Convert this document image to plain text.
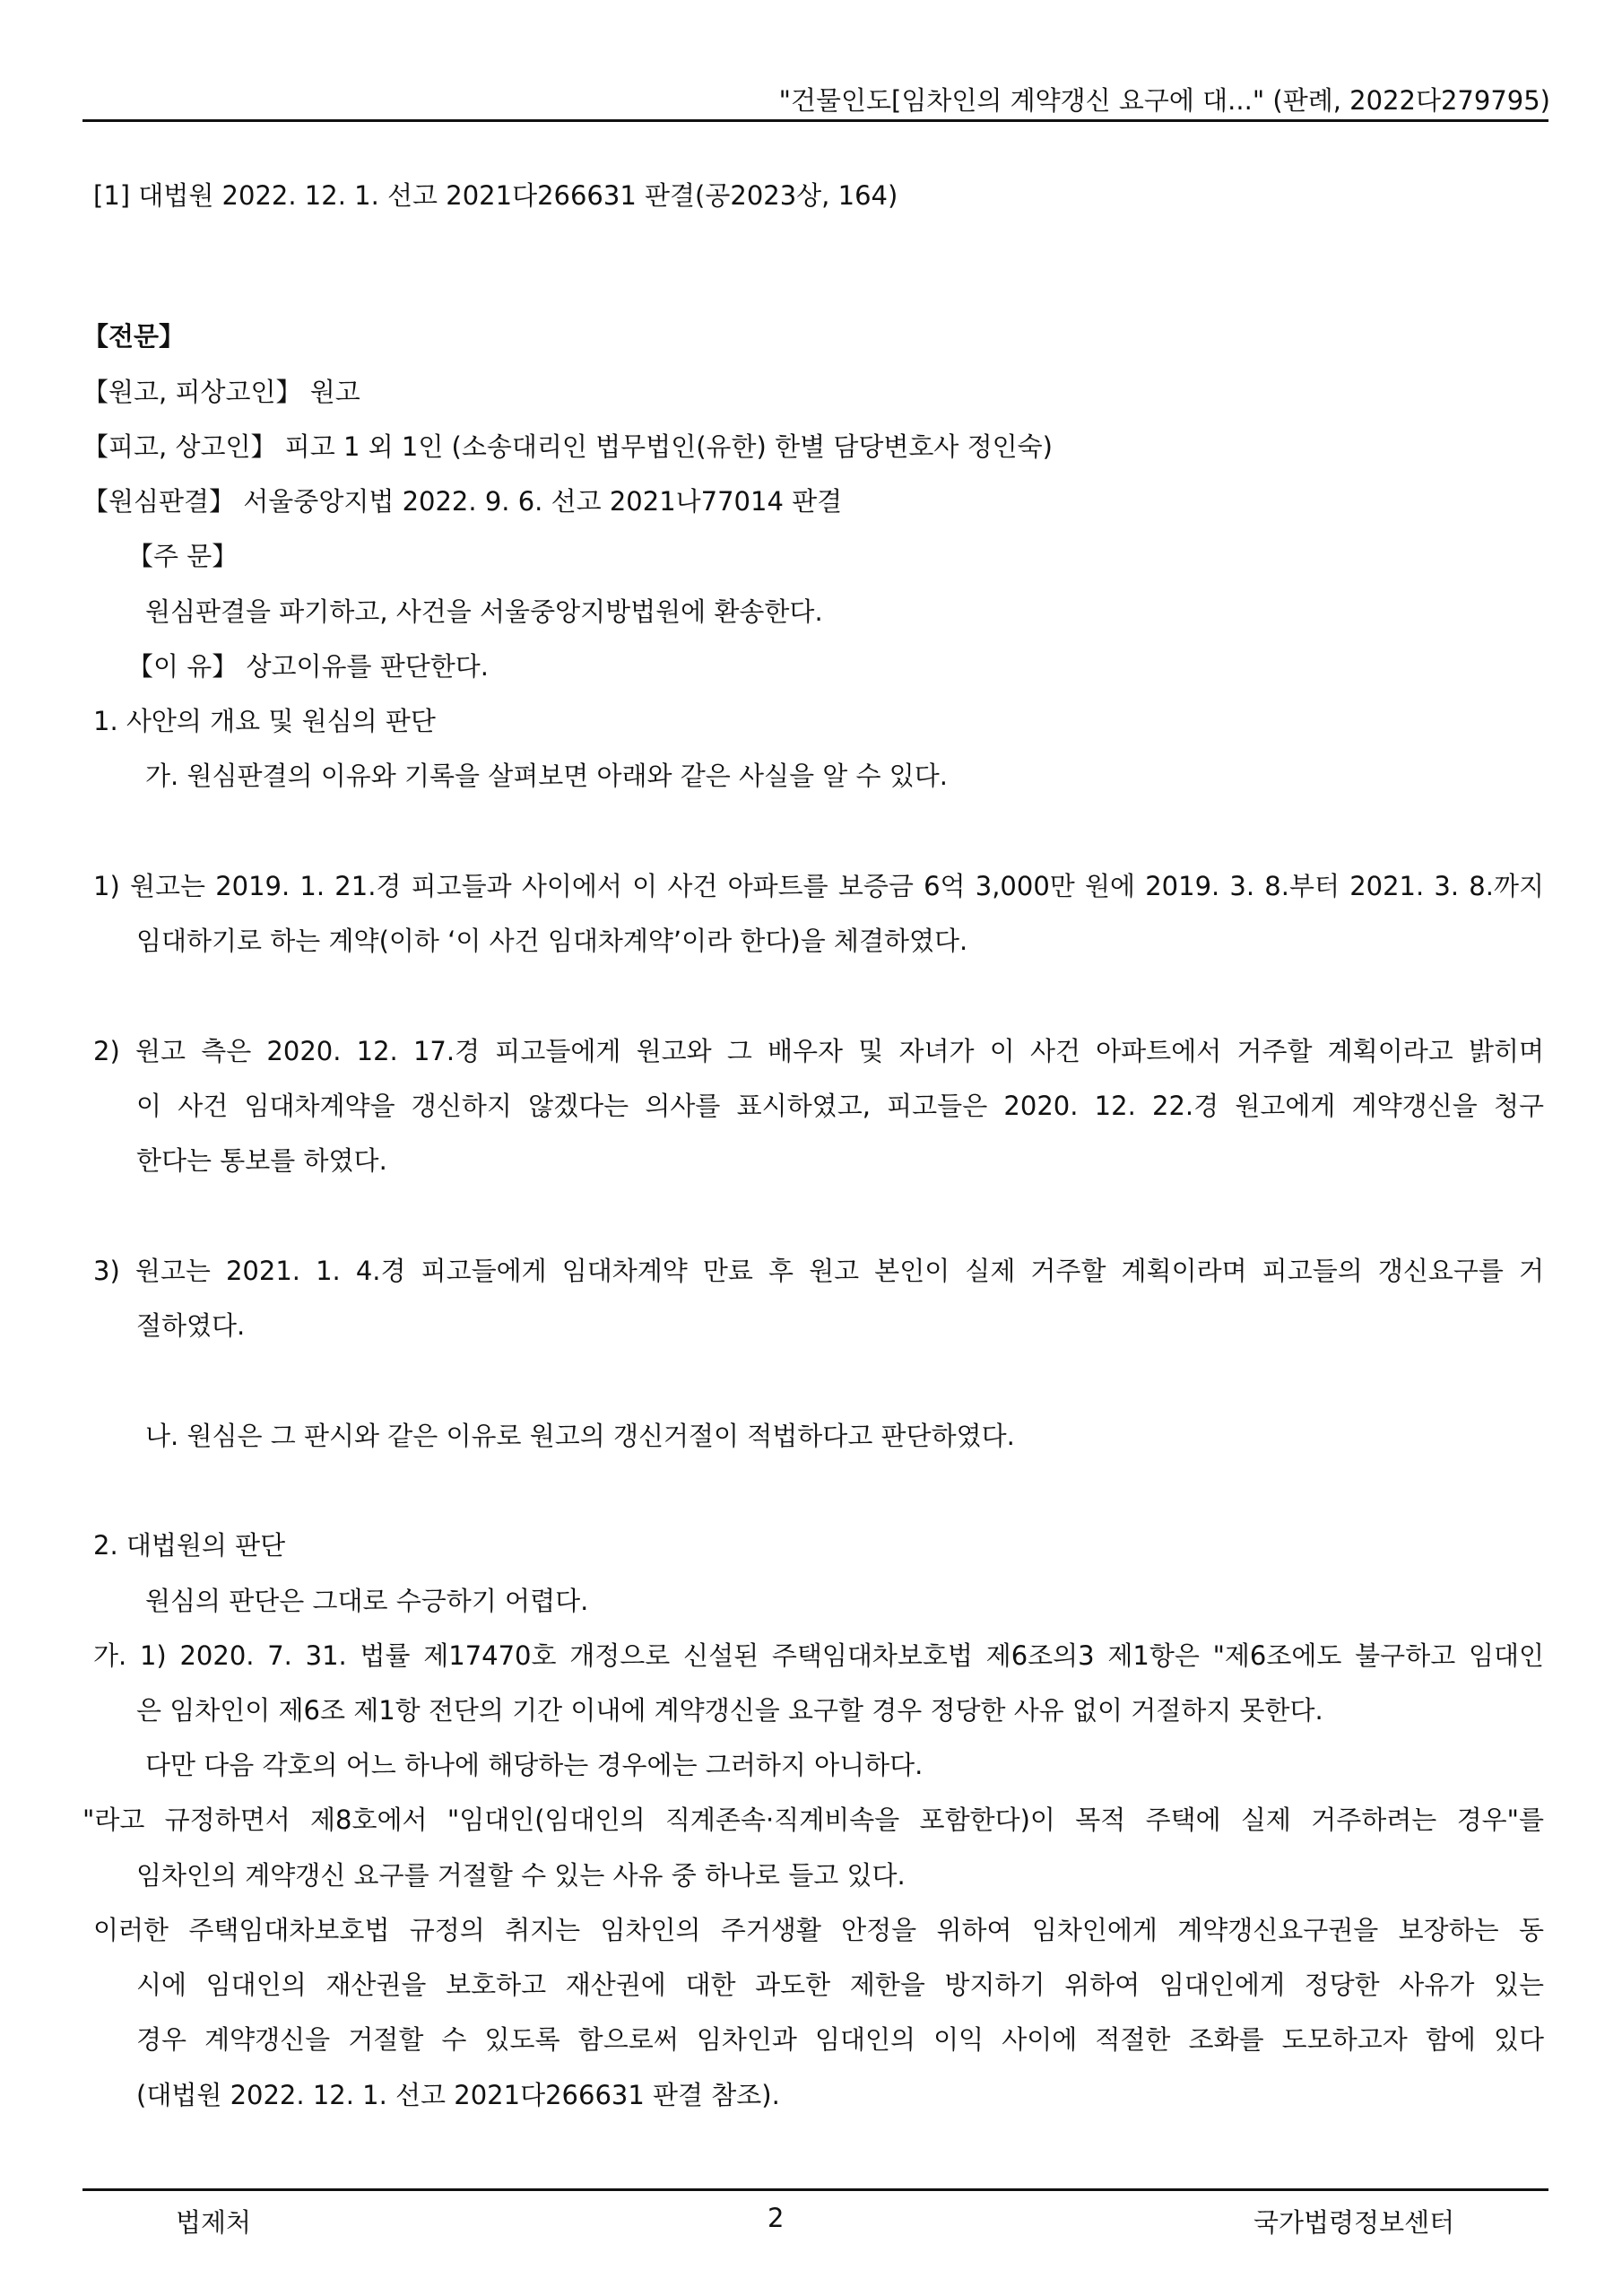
"건물인도[임차인의 계약갱신 요구에 대..." (판례, 2022다279795)
[1] 대법원 2022. 12. 1. 선고 2021다266631 판결(공2023상, 164)
【전문】
【원고, 피상고인】 원고
【피고, 상고인】 피고 1 외 1인 (소송대리인 법무법인(유한) 한별 담당변호사 정인숙)
【원심판결】 서울중앙지법 2022. 9. 6. 선고 2021나77014 판결
【주 문】
원심판결을 파기하고, 사건을 서울중앙지방법원에 환송한다.
【이 유】 상고이유를 판단한다.
1. 사안의 개요 및 원심의 판단
가. 원심판결의 이유와 기록을 살펴보면 아래와 같은 사실을 알 수 있다.
1) 원고는 2019. 1. 21.경 피고들과 사이에서 이 사건 아파트를 보증금 6억 3,000만 원에 2019. 3. 8.부터 2021. 3. 8.까지
임대하기로 하는 계약(이하 ‘이 사건 임대차계약’이라 한다)을 체결하였다.
2) 원고 측은 2020. 12. 17.경 피고들에게 원고와 그 배우자 및 자녀가 이 사건 아파트에서 거주할 계획이라고 밝히며
이 사건 임대차계약을 갱신하지 않겠다는 의사를 표시하였고, 피고들은 2020. 12. 22.경 원고에게 계약갱신을 청구
한다는 통보를 하였다.
3) 원고는 2021. 1. 4.경 피고들에게 임대차계약 만료 후 원고 본인이 실제 거주할 계획이라며 피고들의 갱신요구를 거
절하였다.
나. 원심은 그 판시와 같은 이유로 원고의 갱신거절이 적법하다고 판단하였다.
2. 대법원의 판단
원심의 판단은 그대로 수긍하기 어렵다.
가. 1) 2020. 7. 31. 법률 제17470호 개정으로 신설된 주택임대차보호법 제6조의3 제1항은 "제6조에도 불구하고 임대인
은 임차인이 제6조 제1항 전단의 기간 이내에 계약갱신을 요구할 경우 정당한 사유 없이 거절하지 못한다.
다만 다음 각호의 어느 하나에 해당하는 경우에는 그러하지 아니하다.
"라고 규정하면서 제8호에서 "임대인(임대인의 직계존속·직계비속을 포함한다)이 목적 주택에 실제 거주하려는 경우"를
임차인의 계약갱신 요구를 거절할 수 있는 사유 중 하나로 들고 있다.
이러한 주택임대차보호법 규정의 취지는 임차인의 주거생활 안정을 위하여 임차인에게 계약갱신요구권을 보장하는 동
시에 임대인의 재산권을 보호하고 재산권에 대한 과도한 제한을 방지하기 위하여 임대인에게 정당한 사유가 있는
경우 계약갱신을 거절할 수 있도록 함으로써 임차인과 임대인의 이익 사이에 적절한 조화를 도모하고자 함에 있다
(대법원 2022. 12. 1. 선고 2021다266631 판결 참조).
법제처	2	국가법령정보센터
